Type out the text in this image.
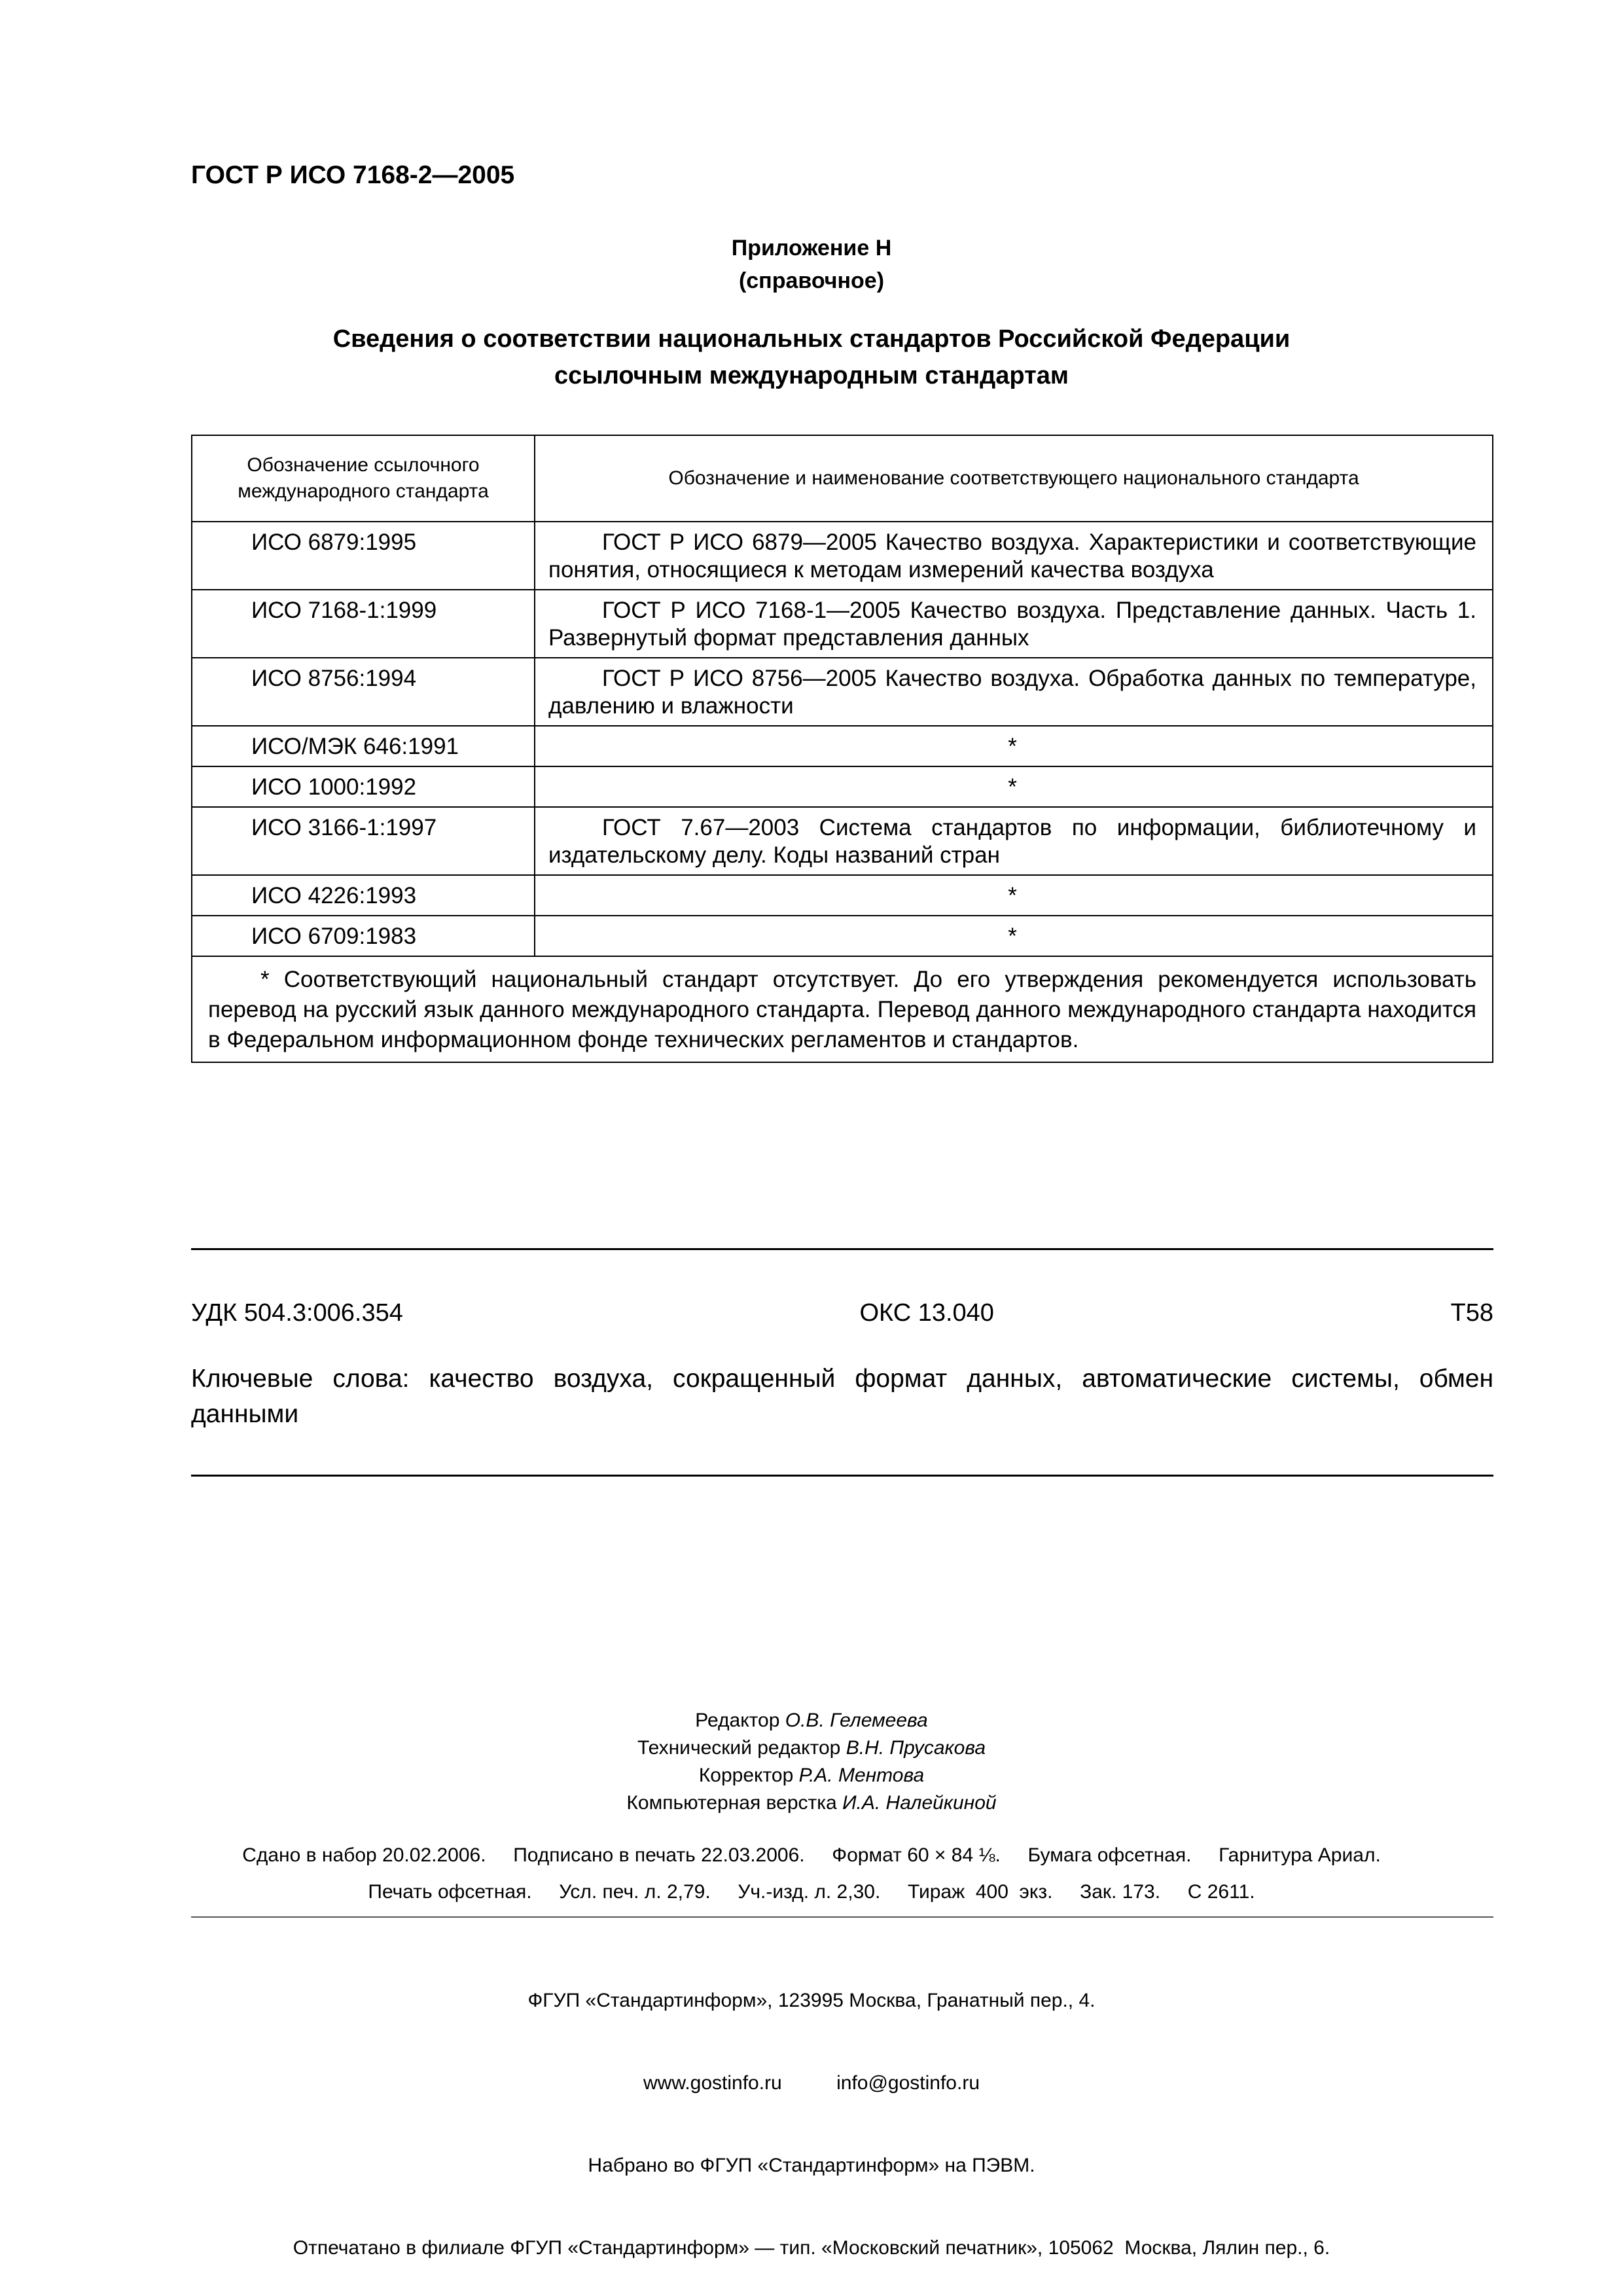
ГОСТ Р ИСО 7168-2—2005
Приложение Н
(справочное)
Сведения о соответствии национальных стандартов Российской Федерации
ссылочным международным стандартам
Обозначение ссылочного международного стандарта	Обозначение и наименование соответствующего национального стандарта
ИСО 6879:1995	ГОСТ Р ИСО 6879—2005 Качество воздуха. Характеристики и соответствующие понятия, относящиеся к методам измерений качества воздуха
ИСО 7168-1:1999	ГОСТ Р ИСО 7168-1—2005 Качество воздуха. Представление данных. Часть 1. Развернутый формат представления данных
ИСО 8756:1994	ГОСТ Р ИСО 8756—2005 Качество воздуха. Обработка данных по температуре, давлению и влажности
ИСО/МЭК 646:1991	*
ИСО 1000:1992	*
ИСО 3166-1:1997	ГОСТ 7.67—2003 Система стандартов по информации, библиотечному и издательскому делу. Коды названий стран
ИСО 4226:1993	*
ИСО 6709:1983	*
* Соответствующий национальный стандарт отсутствует. До его утверждения рекомендуется использовать перевод на русский язык данного международного стандарта. Перевод данного международного стандарта находится в Федеральном информационном фонде технических регламентов и стандартов.	
УДК 504.3:006.354	ОКС 13.040	Т58
Ключевые слова: качество воздуха, сокращенный формат данных, автоматические системы, обмен данными
Редактор О.В. Гелемеева
Технический редактор В.Н. Прусакова
Корректор Р.А. Ментова
Компьютерная верстка И.А. Налейкиной
Сдано в набор 20.02.2006.     Подписано в печать 22.03.2006.     Формат 60 × 84 ⅛.     Бумага офсетная.     Гарнитура Ариал.
Печать офсетная.     Усл. печ. л. 2,79.     Уч.-изд. л. 2,30.     Тираж  400  экз.     Зак. 173.     С 2611.

ФГУП «Стандартинформ», 123995 Москва, Гранатный пер., 4.

www.gostinfo.ru          info@gostinfo.ru

Набрано во ФГУП «Стандартинформ» на ПЭВМ.

Отпечатано в филиале ФГУП «Стандартинформ» — тип. «Московский печатник», 105062  Москва, Лялин пер., 6.
